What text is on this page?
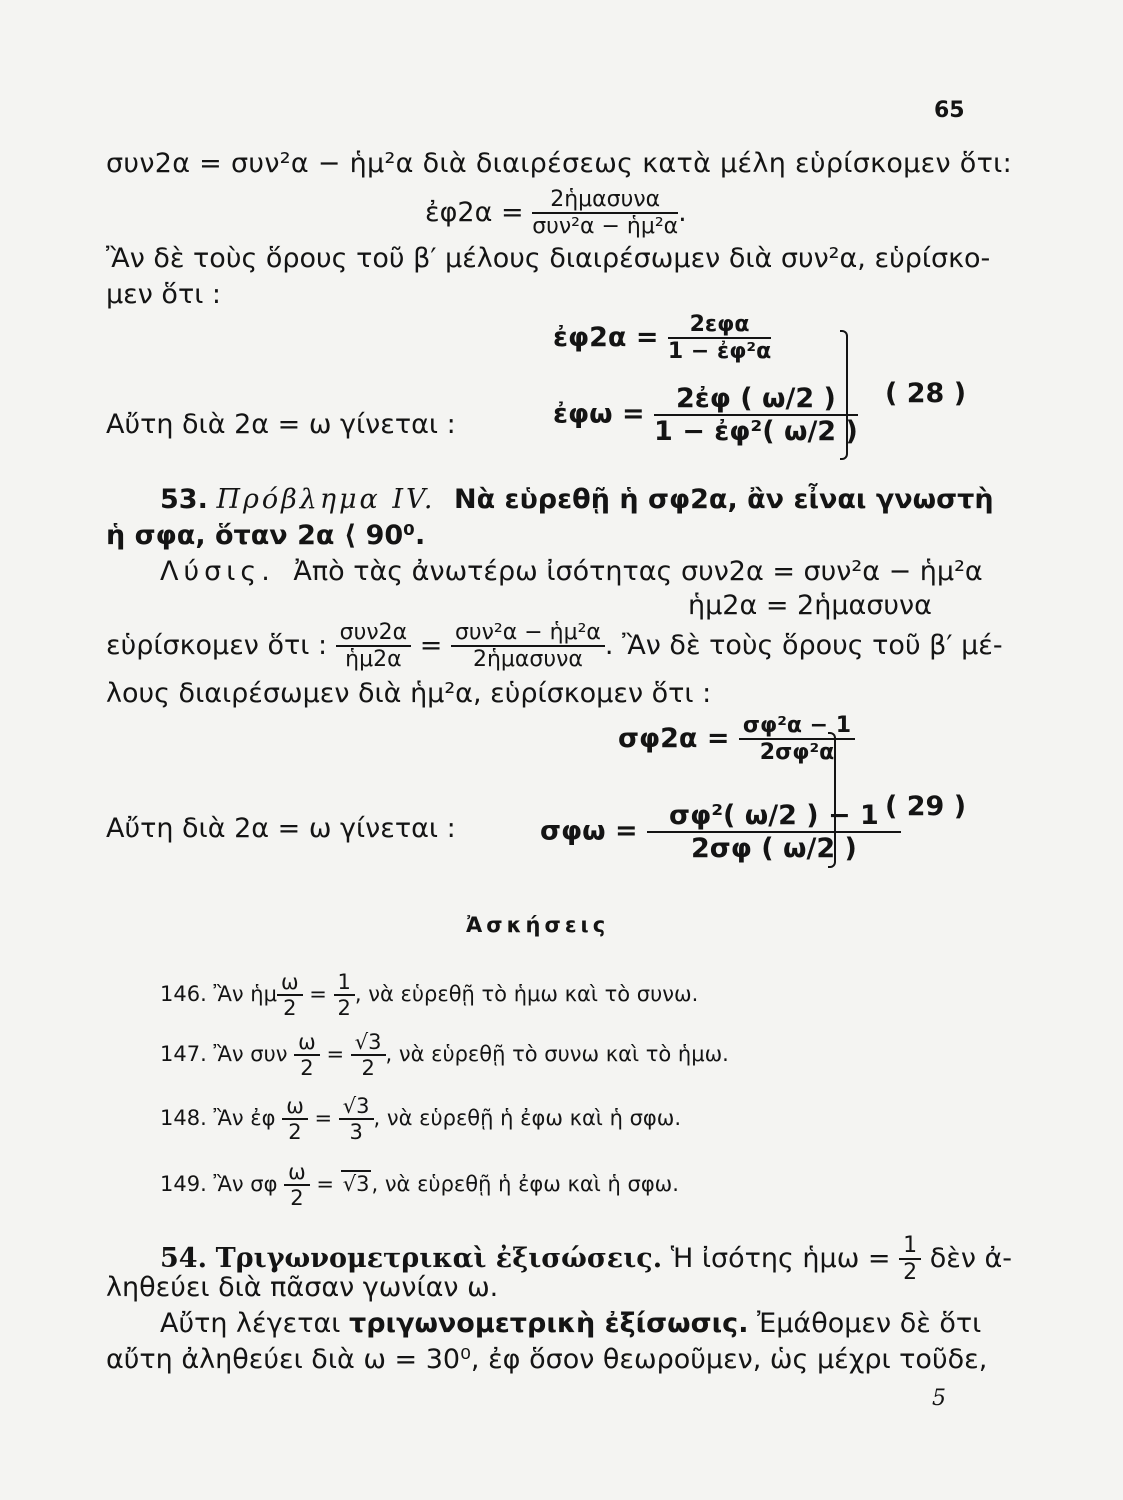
65
συν2α = συν²α − ἡμ²α διὰ διαιρέσεως κατὰ μέλη εὑρίσκομεν ὅτι:
ἐφ2α = $\frac{\text{2ἡμασυνα}}{\text{συν²α − ἡμ²α}}$ .
Ἂν δὲ τοὺς ὅρους τοῦ β′ μέλους διαιρέσωμεν διὰ συν²α, εὑρίσκο-
μεν ὅτι :
ἐφ2α = $\frac{\text{2εφα}}{\text{1 − ἐφ²α}}$
ἐφω = $\frac{\text{2ἐφ ( ω/2 )}}{\text{1 − ἐφ²( ω/2 )}}$ ( 28 )
Αὔτη διὰ 2α = ω γίνεται :
53. Πρόβλημα IV. Νὰ εὑρεθῇ ἡ σφ2α, ἂν εἶναι γνωστὴ
ἡ σφα, ὅταν 2α ⟨ 90⁰.
Λύσις. Ἀπὸ τὰς ἀνωτέρω ἰσότητας συν2α = συν²α − ἡμ²α
ἡμ2α = 2ἡμασυνα
εὑρίσκομεν ὅτι : $\frac{\text{συν2α}}{\text{ἡμ2α}} = \frac{\text{συν²α − ἡμ²α}}{\text{2ἡμασυνα}}$ . Ἂν δὲ τοὺς ὅρους τοῦ β′ μέ-
λους διαιρέσωμεν διὰ ἡμ²α, εὑρίσκομεν ὅτι :
$\sigma\varphi 2\alpha = \frac{\text{σφ²α − 1}}{\text{2σφ²α}}$
$\sigma\varphi\omega = \frac{\text{σφ²( ω/2 ) − 1}}{2\sigma\varphi ( \omega/2 )}$
( 29 )
Αὔτη διὰ 2α = ω γίνεται :
Ἀσκήσεις
146. Ἂν ἡμ $\frac{\omega}{2} = \frac{1}{2}$ , νὰ εὑρεθῇ τὸ ἡμω καὶ τὸ συνω.
147. Ἂν συν $\frac{\omega}{2} = \frac{√3}{2}$ , νὰ εὑρεθῇ τὸ συνω καὶ τὸ ἡμω.
148. Ἂν ἐφ $\frac{\omega}{2} = \frac{√3}{3}$ , νὰ εὑρεθῇ ἡ ἐφω καὶ ἡ σφω.
149. Ἂν σφ $\frac{\omega}{2} = √3$, νὰ εὑρεθῇ ἡ ἐφω καὶ ἡ σφω.
54. Τριγωνομετρικαὶ ἐξισώσεις. Ἡ ἰσότης ἡμω = $\frac{1}{2}$ δὲν ἀ-
ληθεύει διὰ πᾶσαν γωνίαν ω.
Αὔτη λέγεται τριγωνομετρικὴ ἐξίσωσις. Ἐμάθομεν δὲ ὅτι
αὔτη ἀληθεύει διὰ ω = 30⁰, ἐφ ὅσον θεωροῦμεν, ὡς μέχρι τοῦδε,
5
